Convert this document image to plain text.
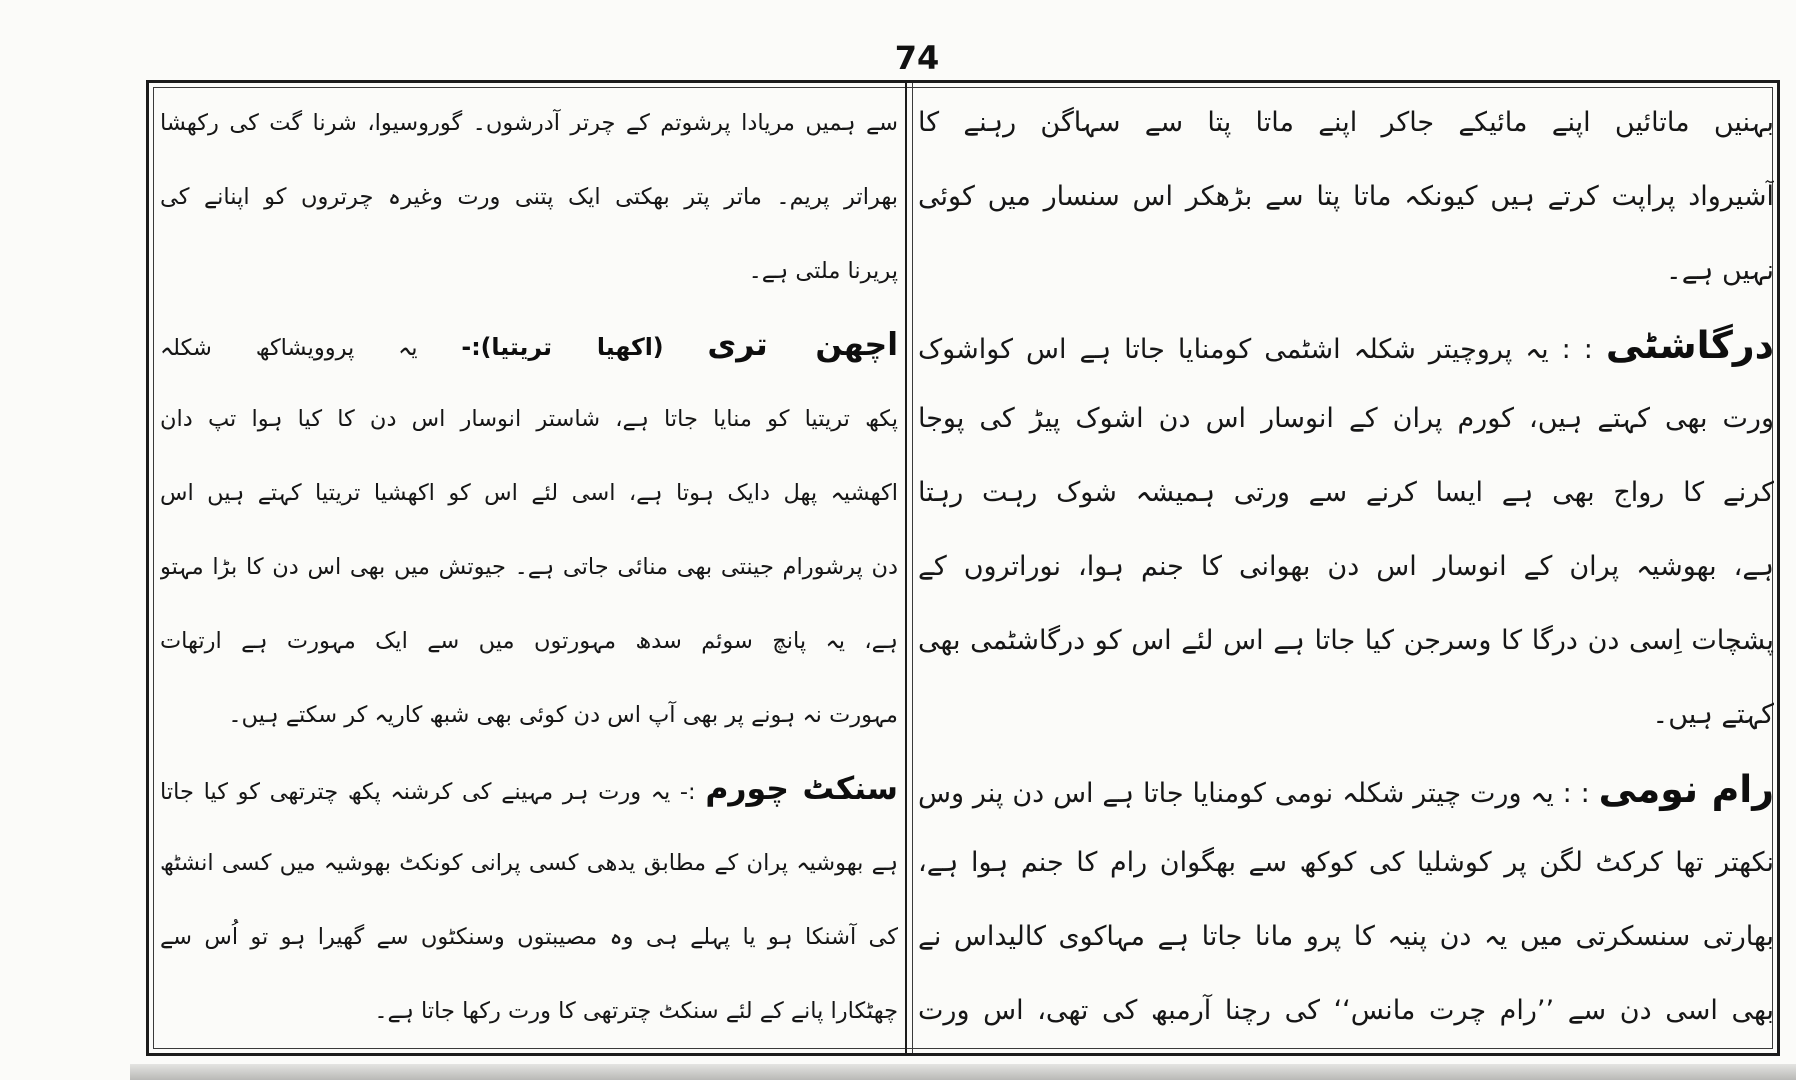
74
بہنیں ماتائیں اپنے مائیکے جاکر اپنے ماتا پتا سے سہاگن رہنے کا
آشیرواد پراپت کرتے ہیں کیونکہ ماتا پتا سے بڑھکر اس سنسار میں کوئی
نہیں ہے۔
درگاشٹی : : یہ پروچیتر شکلہ اشٹمی کومنایا جاتا ہے اس کواشوک
ورت بھی کہتے ہیں، کورم پران کے انوسار اس دن اشوک پیڑ کی پوجا
کرنے کا رواج بھی ہے ایسا کرنے سے ورتی ہمیشہ شوک رہت رہتا
ہے، بھوشیہ پران کے انوسار اس دن بھوانی کا جنم ہوا، نوراتروں کے
پشچات اِسی دن درگا کا وسرجن کیا جاتا ہے اس لئے اس کو درگاشٹمی بھی
کہتے ہیں۔
رام نومی : : یہ ورت چیتر شکلہ نومی کومنایا جاتا ہے اس دن پنر وس
نکھتر تھا کرکٹ لگن پر کوشلیا کی کوکھ سے بھگوان رام کا جنم ہوا ہے،
بھارتی سنسکرتی میں یہ دن پنیہ کا پرو مانا جاتا ہے مہاکوی کالیداس نے
بھی اسی دن سے ’’رام چرت مانس‘‘ کی رچنا آرمبھ کی تھی، اس ورت
سے ہمیں مریادا پرشوتم کے چرتر آدرشوں۔ گوروسیوا، شرنا گت کی رکھشا
بھراتر پریم۔ ماتر پتر بھکتی ایک پتنی ورت وغیرہ چرتروں کو اپنانے کی
پریرنا ملتی ہے۔
اچھن تری (اکھیا تریتیا):- یہ پروویشاکھ شکلہ
پکھ تریتیا کو منایا جاتا ہے، شاستر انوسار اس دن کا کیا ہوا تپ دان
اکھشیہ پھل دایک ہوتا ہے، اسی لئے اس کو اکھشیا تریتیا کہتے ہیں اس
دن پرشورام جینتی بھی منائی جاتی ہے۔ جیوتش میں بھی اس دن کا بڑا مہتو
ہے، یہ پانچ سوئم سدھ مہورتوں میں سے ایک مہورت ہے ارتھات
مہورت نہ ہونے پر بھی آپ اس دن کوئی بھی شبھ کاریہ کر سکتے ہیں۔
سنکٹ چورم :- یہ ورت ہر مہینے کی کرشنہ پکھ چترتھی کو کیا جاتا
ہے بھوشیہ پران کے مطابق یدھی کسی پرانی کونکٹ بھوشیہ میں کسی انشٹھ
کی آشنکا ہو یا پہلے ہی وہ مصیبتوں وسنکٹوں سے گھیرا ہو تو اُس سے
چھٹکارا پانے کے لئے سنکٹ چترتھی کا ورت رکھا جاتا ہے۔
